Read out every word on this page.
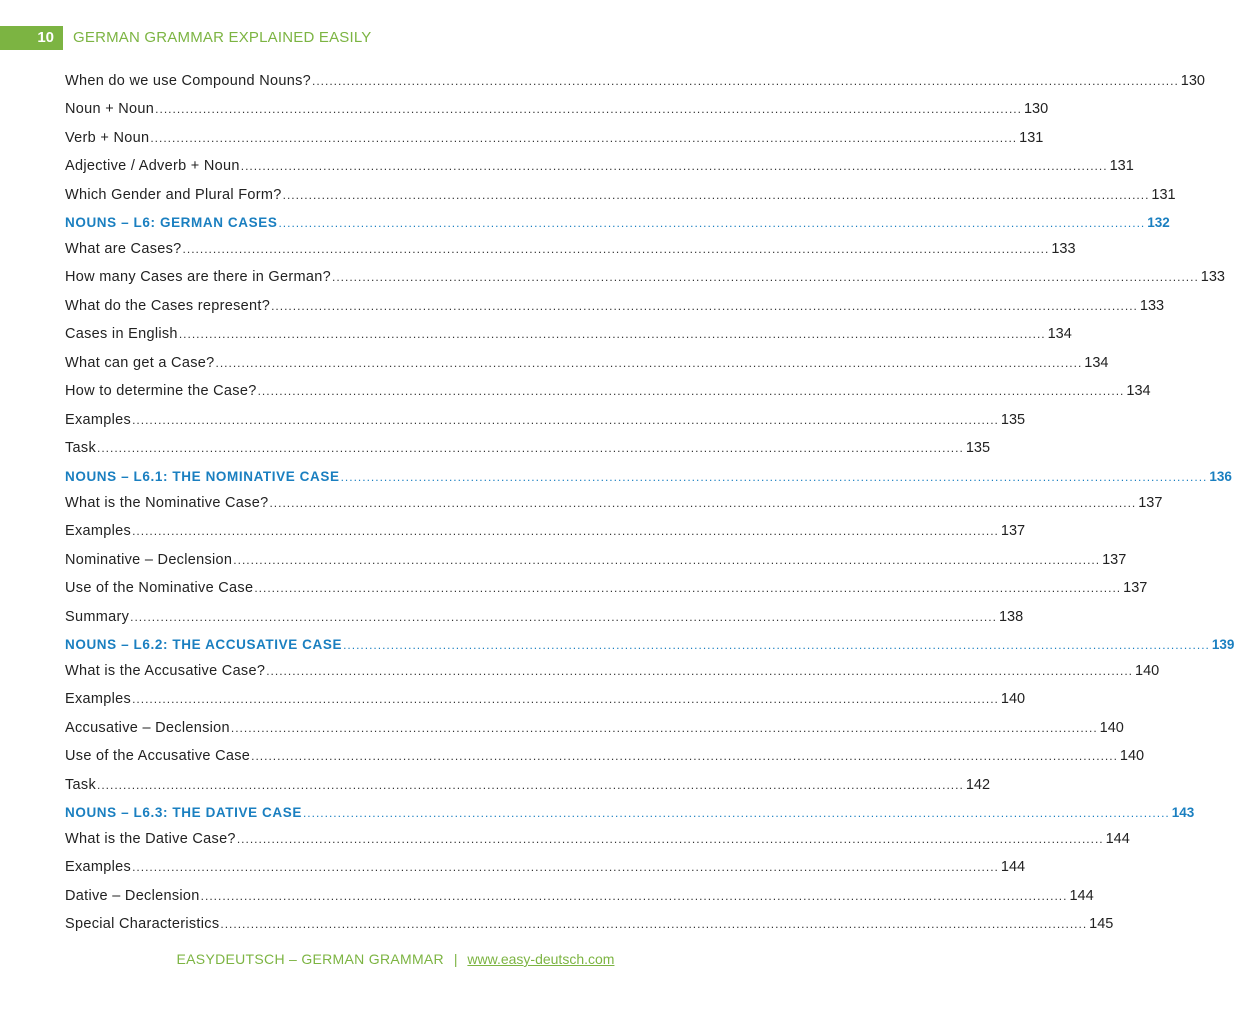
10	GERMAN GRAMMAR EXPLAINED EASILY
When do we use Compound Nouns? ........................................................................................................................................................................................................ 130
Noun + Noun ........................................................................................................................................................................................................ 130
Verb + Noun ........................................................................................................................................................................................................ 131
Adjective / Adverb + Noun ........................................................................................................................................................................................................ 131
Which Gender and Plural Form? ........................................................................................................................................................................................................ 131
NOUNS – L6: GERMAN CASES ........................................................................................................................................................................................................ 132
What are Cases? ........................................................................................................................................................................................................ 133
How many Cases are there in German? ........................................................................................................................................................................................................ 133
What do the Cases represent? ........................................................................................................................................................................................................ 133
Cases in English ........................................................................................................................................................................................................ 134
What can get a Case? ........................................................................................................................................................................................................ 134
How to determine the Case? ........................................................................................................................................................................................................ 134
Examples ........................................................................................................................................................................................................ 135
Task ........................................................................................................................................................................................................ 135
NOUNS – L6.1: THE NOMINATIVE CASE ........................................................................................................................................................................................................ 136
What is the Nominative Case? ........................................................................................................................................................................................................ 137
Examples ........................................................................................................................................................................................................ 137
Nominative – Declension ........................................................................................................................................................................................................ 137
Use of the Nominative Case ........................................................................................................................................................................................................ 137
Summary ........................................................................................................................................................................................................ 138
NOUNS – L6.2: THE ACCUSATIVE CASE ........................................................................................................................................................................................................ 139
What is the Accusative Case? ........................................................................................................................................................................................................ 140
Examples ........................................................................................................................................................................................................ 140
Accusative – Declension ........................................................................................................................................................................................................ 140
Use of the Accusative Case ........................................................................................................................................................................................................ 140
Task ........................................................................................................................................................................................................ 142
NOUNS – L6.3: THE DATIVE CASE ........................................................................................................................................................................................................ 143
What is the Dative Case? ........................................................................................................................................................................................................ 144
Examples ........................................................................................................................................................................................................ 144
Dative – Declension ........................................................................................................................................................................................................ 144
Special Characteristics ........................................................................................................................................................................................................ 145
EASYDEUTSCH – GERMAN GRAMMAR | www.easy-deutsch.com
